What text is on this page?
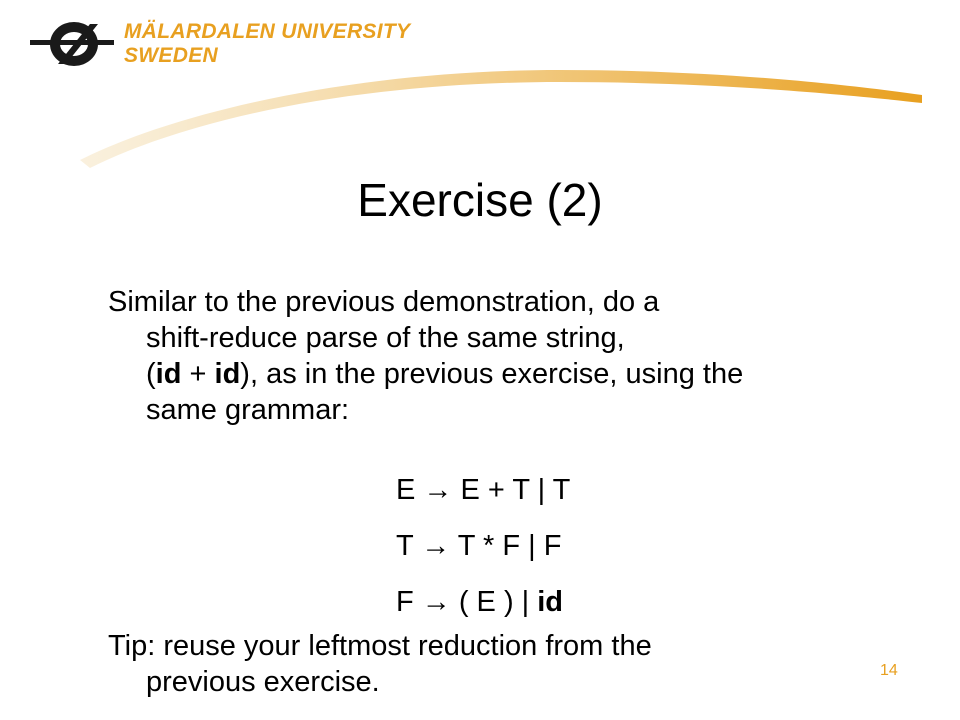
MÄLARDALEN UNIVERSITY
SWEDEN
Exercise (2)
Similar to the previous demonstration, do a
shift-reduce parse of the same string,
(id + id), as in the previous exercise, using the
same grammar:
E → E + T | T
T → T * F | F
F → ( E ) | id
Tip: reuse your leftmost reduction from the
previous exercise.	14
